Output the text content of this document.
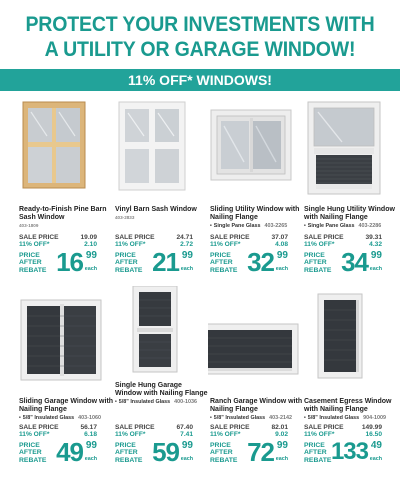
PROTECT YOUR INVESTMENTS WITH
A UTILITY OR GARAGE WINDOW!
11% OFF* WINDOWS!
Ready-to-Finish Pine Barn Sash Window
403-1809
SALE PRICE	19.09
11% OFF*	2.10
PRICE
AFTER
REBATE 16 99
each
Vinyl Barn Sash Window
403-2833
SALE PRICE	24.71
11% OFF*	2.72
PRICE
AFTER
REBATE 21 99
each
Sliding Utility Window with Nailing Flange
• Single Pane Glass 403-2265
SALE PRICE	37.07
11% OFF*	4.08
PRICE
AFTER
REBATE 32 99
each
Single Hung Utility Window with Nailing Flange
• Single Pane Glass 403-2286
SALE PRICE	39.31
11% OFF*	4.32
PRICE
AFTER
REBATE 34 99
each
Sliding Garage Window with Nailing Flange
• 5/8" Insulated Glass 403-1060
SALE PRICE	56.17
11% OFF*	6.18
PRICE
AFTER
REBATE 49 99
each
Single Hung Garage Window with Nailing Flange
• 5/8" Insulated Glass 400-1036
SALE PRICE	67.40
11% OFF*	7.41
PRICE
AFTER
REBATE 59 99
each
Ranch Garage Window with Nailing Flange
• 5/8" Insulated Glass 403-2142
SALE PRICE	82.01
11% OFF*	9.02
PRICE
AFTER
REBATE 72 99
each
Casement Egress Window with Nailing Flange
• 5/8" Insulated Glass 904-1009
SALE PRICE	149.99
11% OFF*	16.50
PRICE
AFTER
REBATE 133 49
each
